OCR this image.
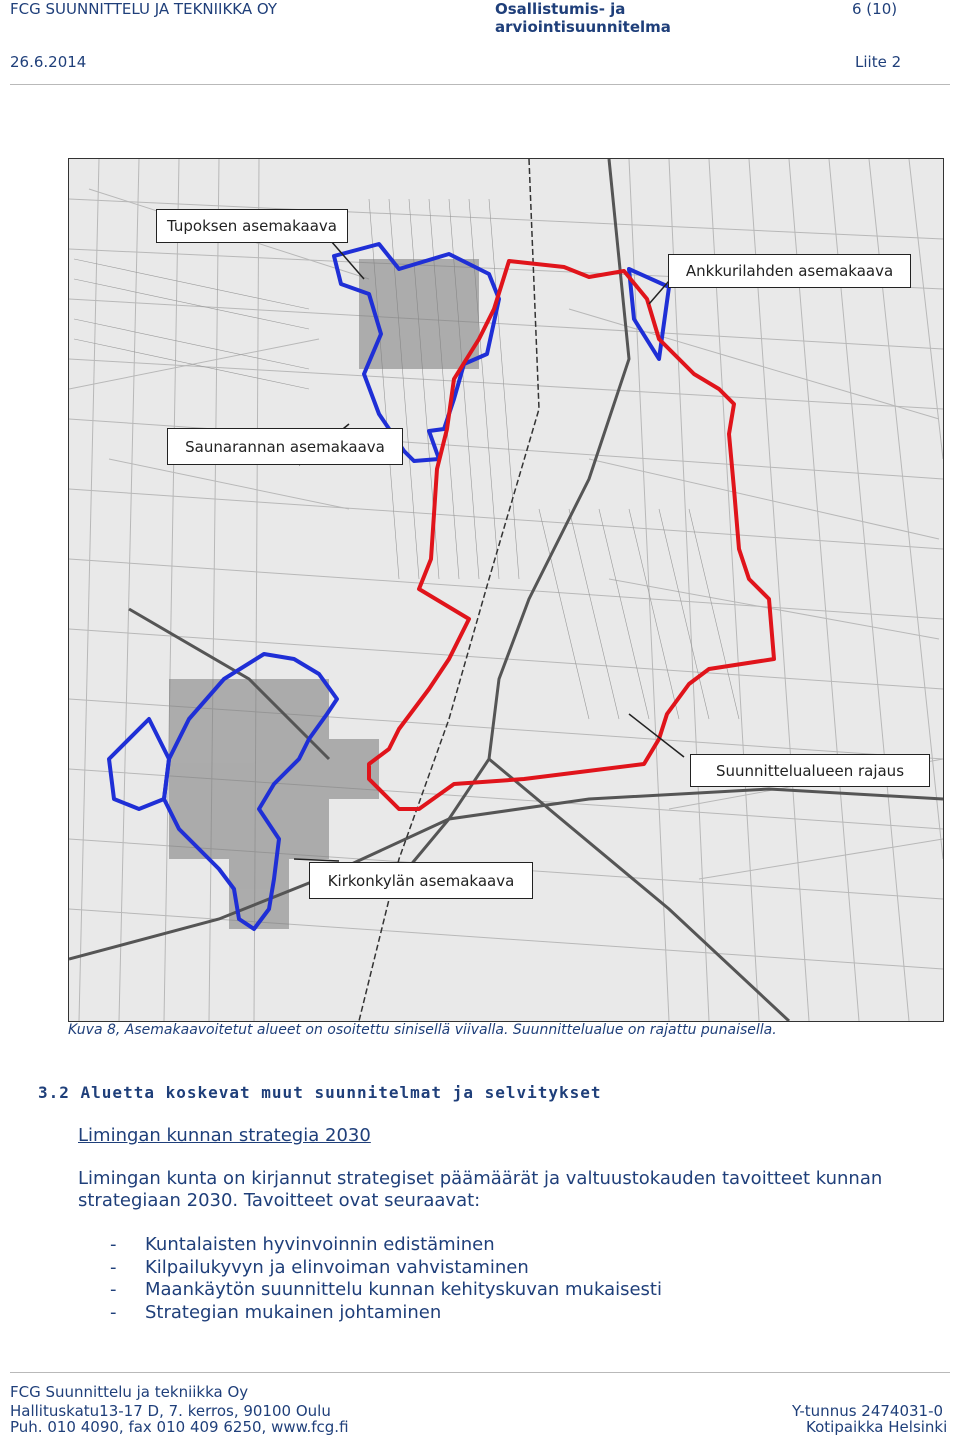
FCG SUUNNITTELU JA TEKNIIKKA OY	Osallistumis- ja
arviointisuunnitelma
6 (10)
26.6.2014	Liite 2
Tupoksen asemakaava
Ankkurilahden asemakaava
Saunarannan asemakaava
Suunnittelualueen rajaus
Kirkonkylän asemakaava
Kuva 8, Asemakaavoitetut alueet on osoitettu sinisellä viivalla. Suunnittelualue on rajattu punaisella.
3.2 Aluetta koskevat muut suunnitelmat ja selvitykset
Limingan kunnan strategia 2030
Limingan kunta on kirjannut strategiset päämäärät ja valtuustokauden tavoitteet kunnan strategiaan 2030. Tavoitteet ovat seuraavat:
-	Kuntalaisten hyvinvoinnin edistäminen
-	Kilpailukyvyn ja elinvoiman vahvistaminen
-	Maankäytön suunnittelu kunnan kehityskuvan mukaisesti
-	Strategian mukainen johtaminen
FCG Suunnittelu ja tekniikka Oy
Hallituskatu13-17 D, 7. kerros, 90100 Oulu
Puh. 010 4090, fax 010 409 6250, www.fcg.fi
Y-tunnus 2474031-0
Kotipaikka Helsinki
